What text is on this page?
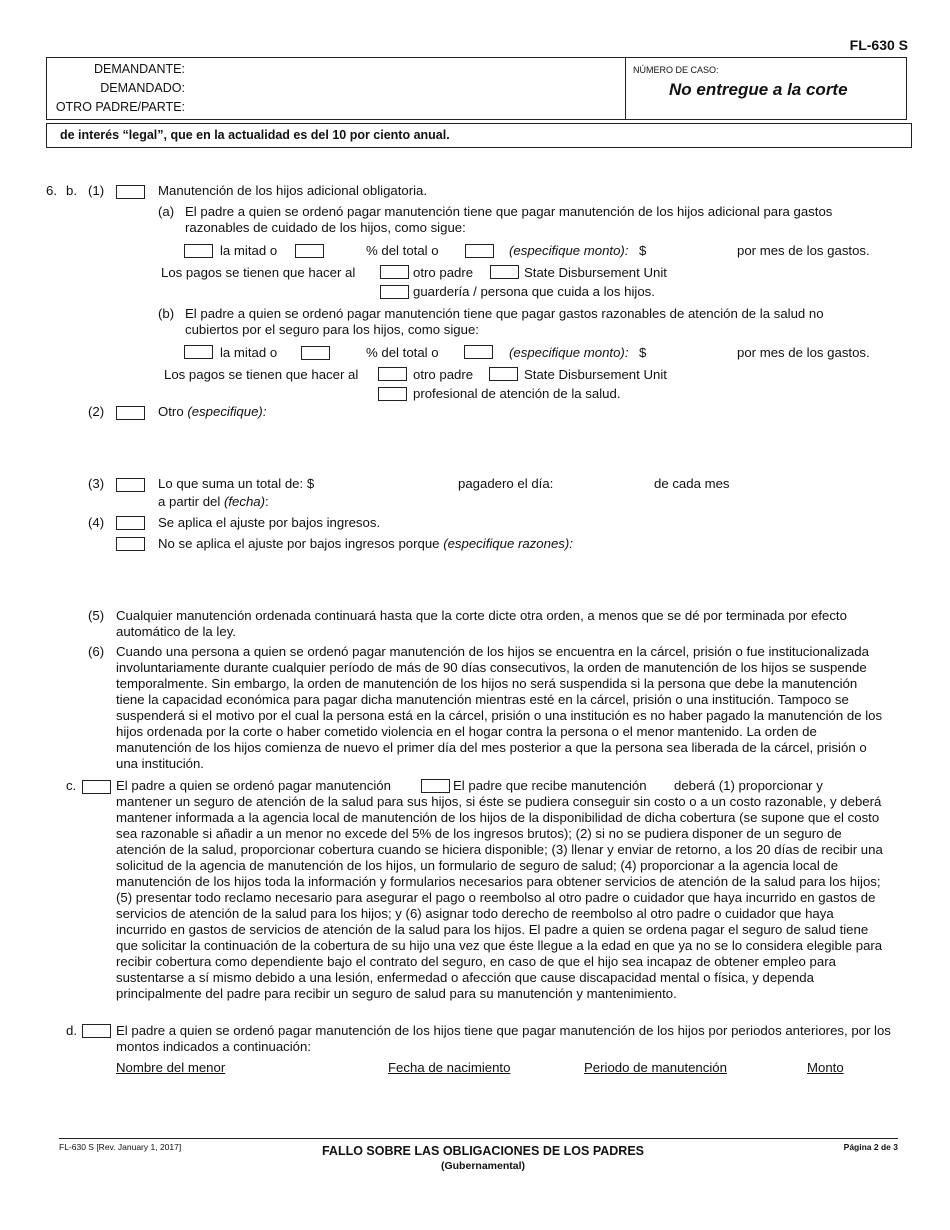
FL-630 S
DEMANDANTE:
DEMANDADO:
OTRO PADRE/PARTE:
NÚMERO DE CASO:
No entregue a la corte
de interés “legal”, que en la actualidad es del 10 por ciento anual.
6. b. (1)	Manutención de los hijos adicional obligatoria.
(a) El padre a quien se ordenó pagar manutención tiene que pagar manutención de los hijos adicional para gastos
razonables de cuidado de los hijos, como sigue:
la mitad o	% del total o	(especifique monto): $	por mes de los gastos.
Los pagos se tienen que hacer al	otro padre	State Disbursement Unit
guardería / persona que cuida a los hijos.
(b) El padre a quien se ordenó pagar manutención tiene que pagar gastos razonables de atención de la salud no
cubiertos por el seguro para los hijos, como sigue:
la mitad o	% del total o	(especifique monto): $	por mes de los gastos.
Los pagos se tienen que hacer al	otro padre	State Disbursement Unit
profesional de atención de la salud.
(2)	Otro (especifique):
(3)	Lo que suma un total de: $	pagadero el día:	de cada mes
a partir del (fecha):
(4)	Se aplica el ajuste por bajos ingresos.
No se aplica el ajuste por bajos ingresos porque (especifique razones):
(5) Cualquier manutención ordenada continuará hasta que la corte dicte otra orden, a menos que se dé por terminada por efecto automático de la ley.
(6) Cuando una persona a quien se ordenó pagar manutención de los hijos se encuentra en la cárcel, prisión o fue institucionalizada involuntariamente durante cualquier período de más de 90 días consecutivos, la orden de manutención de los hijos se suspende temporalmente. Sin embargo, la orden de manutención de los hijos no será suspendida si la persona que debe la manutención tiene la capacidad económica para pagar dicha manutención mientras esté en la cárcel, prisión o una institución. Tampoco se suspenderá si el motivo por el cual la persona está en la cárcel, prisión o una institución es no haber pagado la manutención de los hijos ordenada por la corte o haber cometido violencia en el hogar contra la persona o el menor mantenido. La orden de manutención de los hijos comienza de nuevo el primer día del mes posterior a que la persona sea liberada de la cárcel, prisión o una institución.
c.	El padre a quien se ordenó pagar manutención	El padre que recibe manutención deberá (1) proporcionar y
mantener un seguro de atención de la salud para sus hijos, si éste se pudiera conseguir sin costo o a un costo razonable, y deberá mantener informada a la agencia local de manutención de los hijos de la disponibilidad de dicha cobertura (se supone que el costo sea razonable si añadir a un menor no excede del 5% de los ingresos brutos); (2) si no se pudiera disponer de un seguro de atención de la salud, proporcionar cobertura cuando se hiciera disponible; (3) llenar y enviar de retorno, a los 20 días de recibir una solicitud de la agencia de manutención de los hijos, un formulario de seguro de salud; (4) proporcionar a la agencia local de manutención de los hijos toda la información y formularios necesarios para obtener servicios de atención de la salud para los hijos; (5) presentar todo reclamo necesario para asegurar el pago o reembolso al otro padre o cuidador que haya incurrido en gastos de servicios de atención de la salud para los hijos; y (6) asignar todo derecho de reembolso al otro padre o cuidador que haya incurrido en gastos de servicios de atención de la salud para los hijos. El padre a quien se ordena pagar el seguro de salud tiene que solicitar la continuación de la cobertura de su hijo una vez que éste llegue a la edad en que ya no se lo considera elegible para recibir cobertura como dependiente bajo el contrato del seguro, en caso de que el hijo sea incapaz de obtener empleo para sustentarse a sí mismo debido a una lesión, enfermedad o afección que cause discapacidad mental o física, y dependa principalmente del padre para recibir un seguro de salud para su manutención y mantenimiento.
d.	El padre a quien se ordenó pagar manutención de los hijos tiene que pagar manutención de los hijos por periodos anteriores, por los montos indicados a continuación:
Nombre del menor	Fecha de nacimiento	Periodo de manutención	Monto
FL-630 S [Rev. January 1, 2017]	FALLO SOBRE LAS OBLIGACIONES DE LOS PADRES
(Gubernamental)
Página 2 de 3
